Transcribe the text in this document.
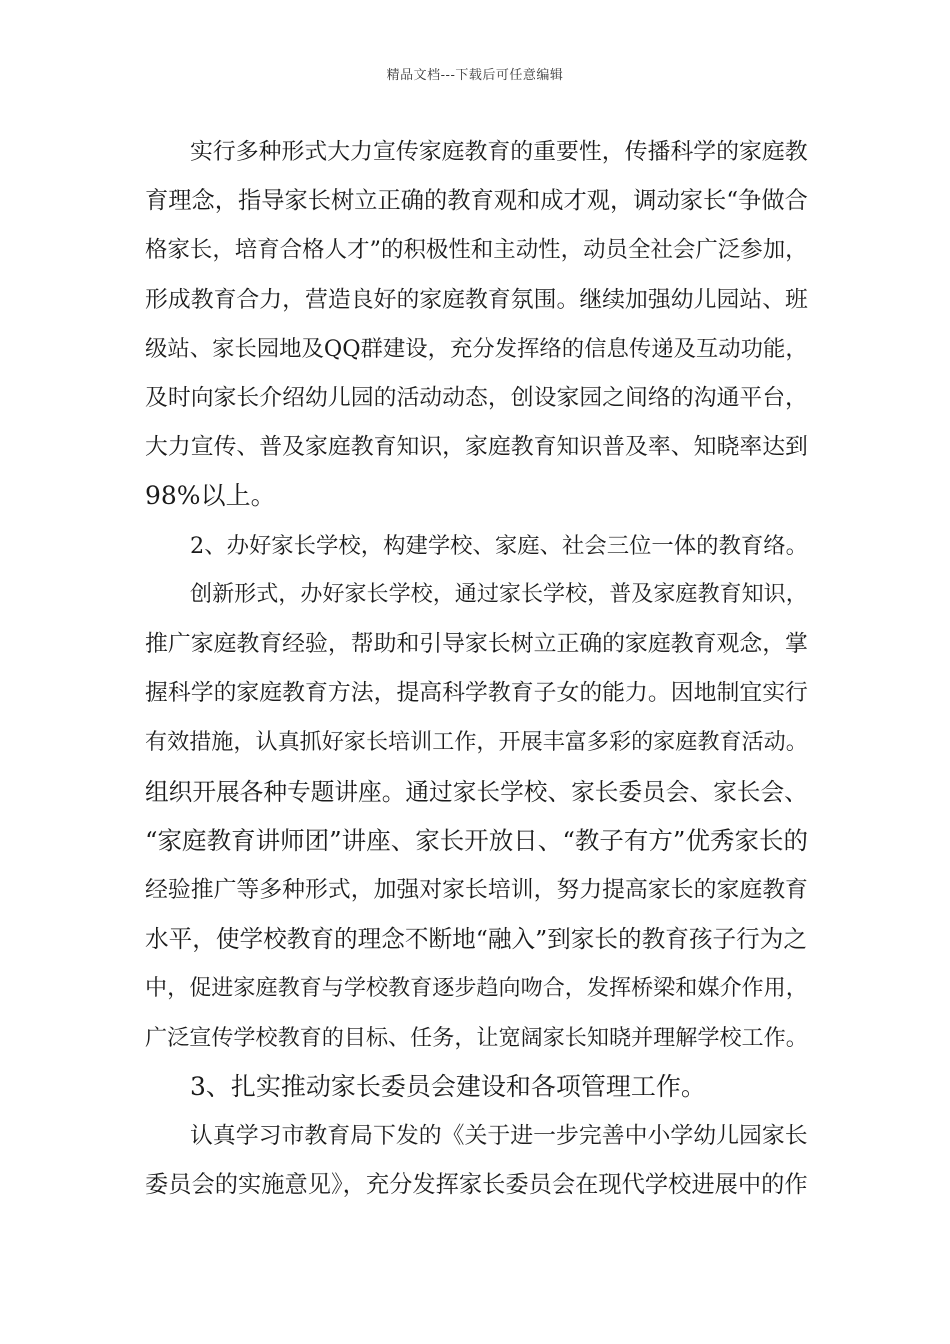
精品文档---下载后可任意编辑
实行多种形式大力宣传家庭教育的重要性，传播科学的家庭教
育理念，指导家长树立正确的教育观和成才观，调动家长“争做合
格家长，培育合格人才”的积极性和主动性，动员全社会广泛参加，
形成教育合力，营造良好的家庭教育氛围。继续加强幼儿园站、班
级站、家长园地及QQ群建设，充分发挥络的信息传递及互动功能，
及时向家长介绍幼儿园的活动动态，创设家园之间络的沟通平台，
大力宣传、普及家庭教育知识，家庭教育知识普及率、知晓率达到
98%以上。
2、办好家长学校，构建学校、家庭、社会三位一体的教育络。
创新形式，办好家长学校，通过家长学校，普及家庭教育知识，
推广家庭教育经验，帮助和引导家长树立正确的家庭教育观念，掌
握科学的家庭教育方法，提高科学教育子女的能力。因地制宜实行
有效措施，认真抓好家长培训工作，开展丰富多彩的家庭教育活动。
组织开展各种专题讲座。通过家长学校、家长委员会、家长会、
“家庭教育讲师团”讲座、家长开放日、“教子有方”优秀家长的
经验推广等多种形式，加强对家长培训，努力提高家长的家庭教育
水平，使学校教育的理念不断地“融入”到家长的教育孩子行为之
中，促进家庭教育与学校教育逐步趋向吻合，发挥桥梁和媒介作用，
广泛宣传学校教育的目标、任务，让宽阔家长知晓并理解学校工作。
3、扎实推动家长委员会建设和各项管理工作。
认真学习市教育局下发的《关于进一步完善中小学幼儿园家长
委员会的实施意见》，充分发挥家长委员会在现代学校进展中的作
